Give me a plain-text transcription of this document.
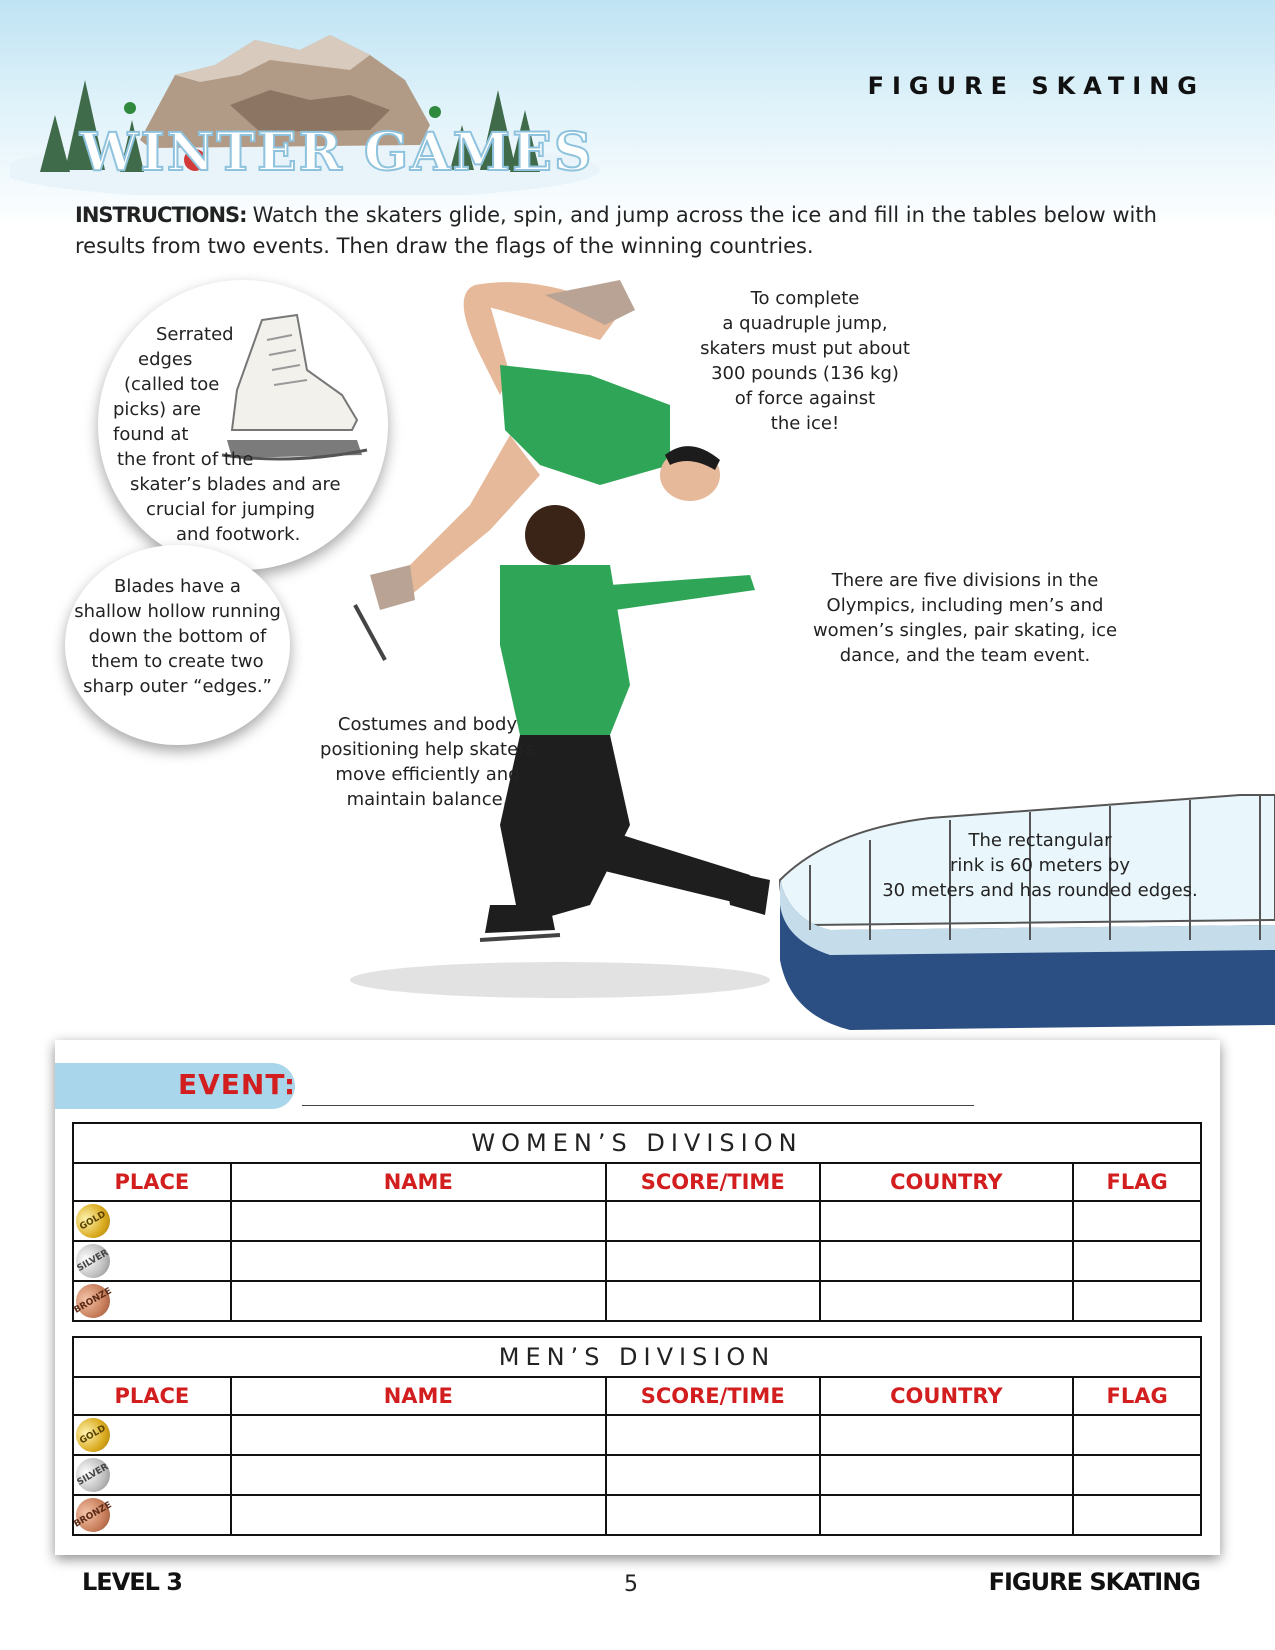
WINTER GAMES
FIGURE SKATING
INSTRUCTIONS: Watch the skaters glide, spin, and jump across the ice and fill in the tables below with results from two events. Then draw the flags of the winning countries.
Serrated
edges
(called toe
picks) are
found at
the front of the
skater’s blades and are
crucial for jumping
and footwork.
Blades have a
shallow hollow running
down the bottom of
them to create two
sharp outer “edges.”
To complete
a quadruple jump,
skaters must put about
300 pounds (136 kg)
of force against
the ice!
There are five divisions in the
Olympics, including men’s and
women’s singles, pair skating, ice
dance, and the team event.
Costumes and body
positioning help skaters
move efficiently and
maintain balance.
The rectangular
rink is 60 meters by
30 meters and has rounded edges.
EVENT:
WOMEN’S DIVISION				
PLACE	NAME	SCORE/TIME	COUNTRY	FLAG

GOLD				

SILVER				

BRONZE				

MEN’S DIVISION				
PLACE	NAME	SCORE/TIME	COUNTRY	FLAG

GOLD				

SILVER				

BRONZE				

LEVEL 3	5	FIGURE SKATING
